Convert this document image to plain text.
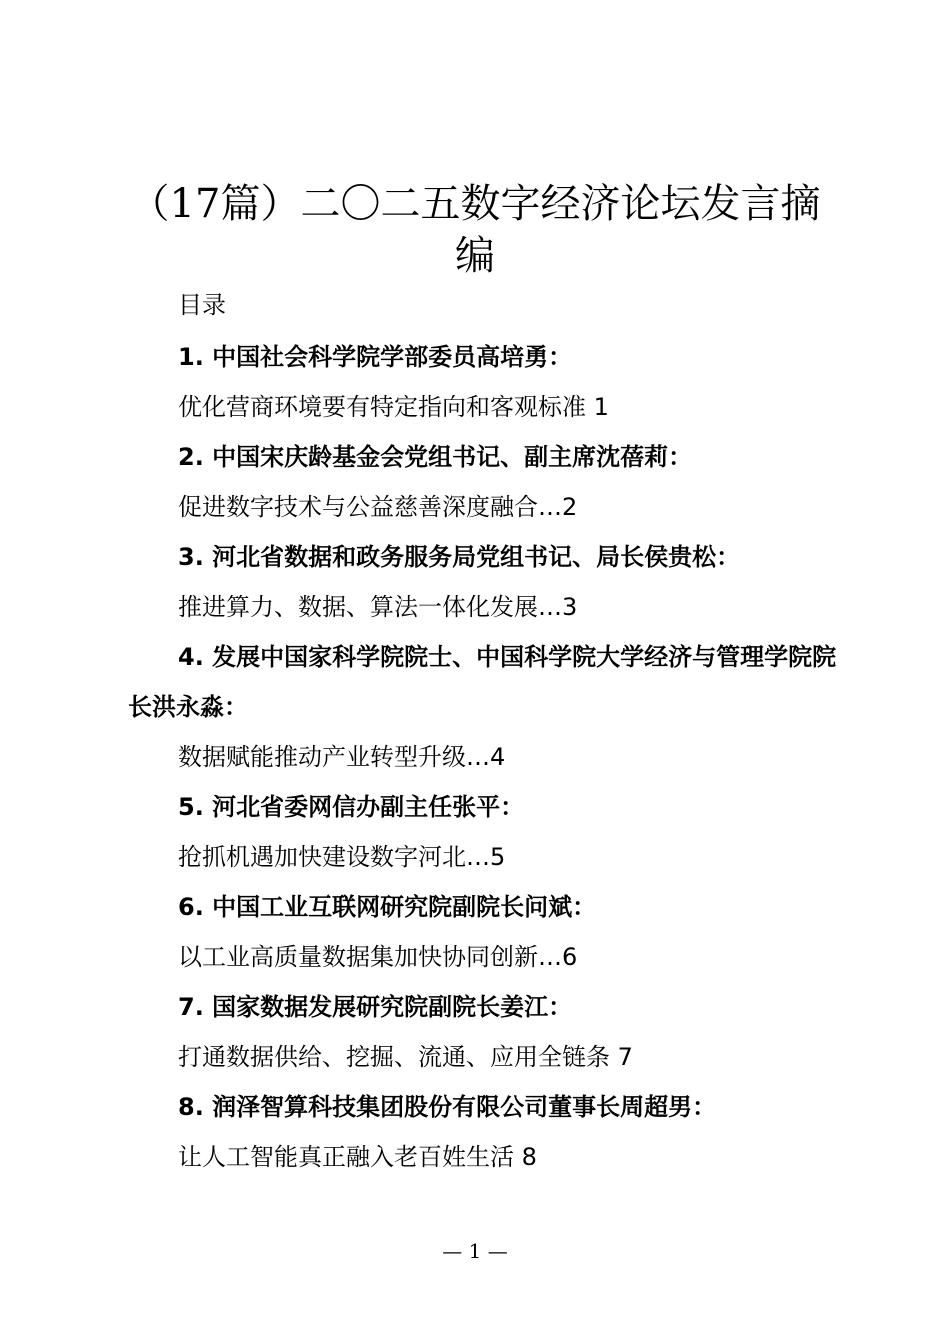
（17篇）二〇二五数字经济论坛发言摘编
目录
1. 中国社会科学院学部委员高培勇：
优化营商环境要有特定指向和客观标准 1
2. 中国宋庆龄基金会党组书记、副主席沈蓓莉：
促进数字技术与公益慈善深度融合…2
3. 河北省数据和政务服务局党组书记、局长侯贵松：
推进算力、数据、算法一体化发展…3
4. 发展中国家科学院院士、中国科学院大学经济与管理学院院长洪永淼：
数据赋能推动产业转型升级…4
5. 河北省委网信办副主任张平：
抢抓机遇加快建设数字河北…5
6. 中国工业互联网研究院副院长问斌：
以工业高质量数据集加快协同创新…6
7. 国家数据发展研究院副院长姜江：
打通数据供给、挖掘、流通、应用全链条 7
8. 润泽智算科技集团股份有限公司董事长周超男：
让人工智能真正融入老百姓生活 8
— 1 —
